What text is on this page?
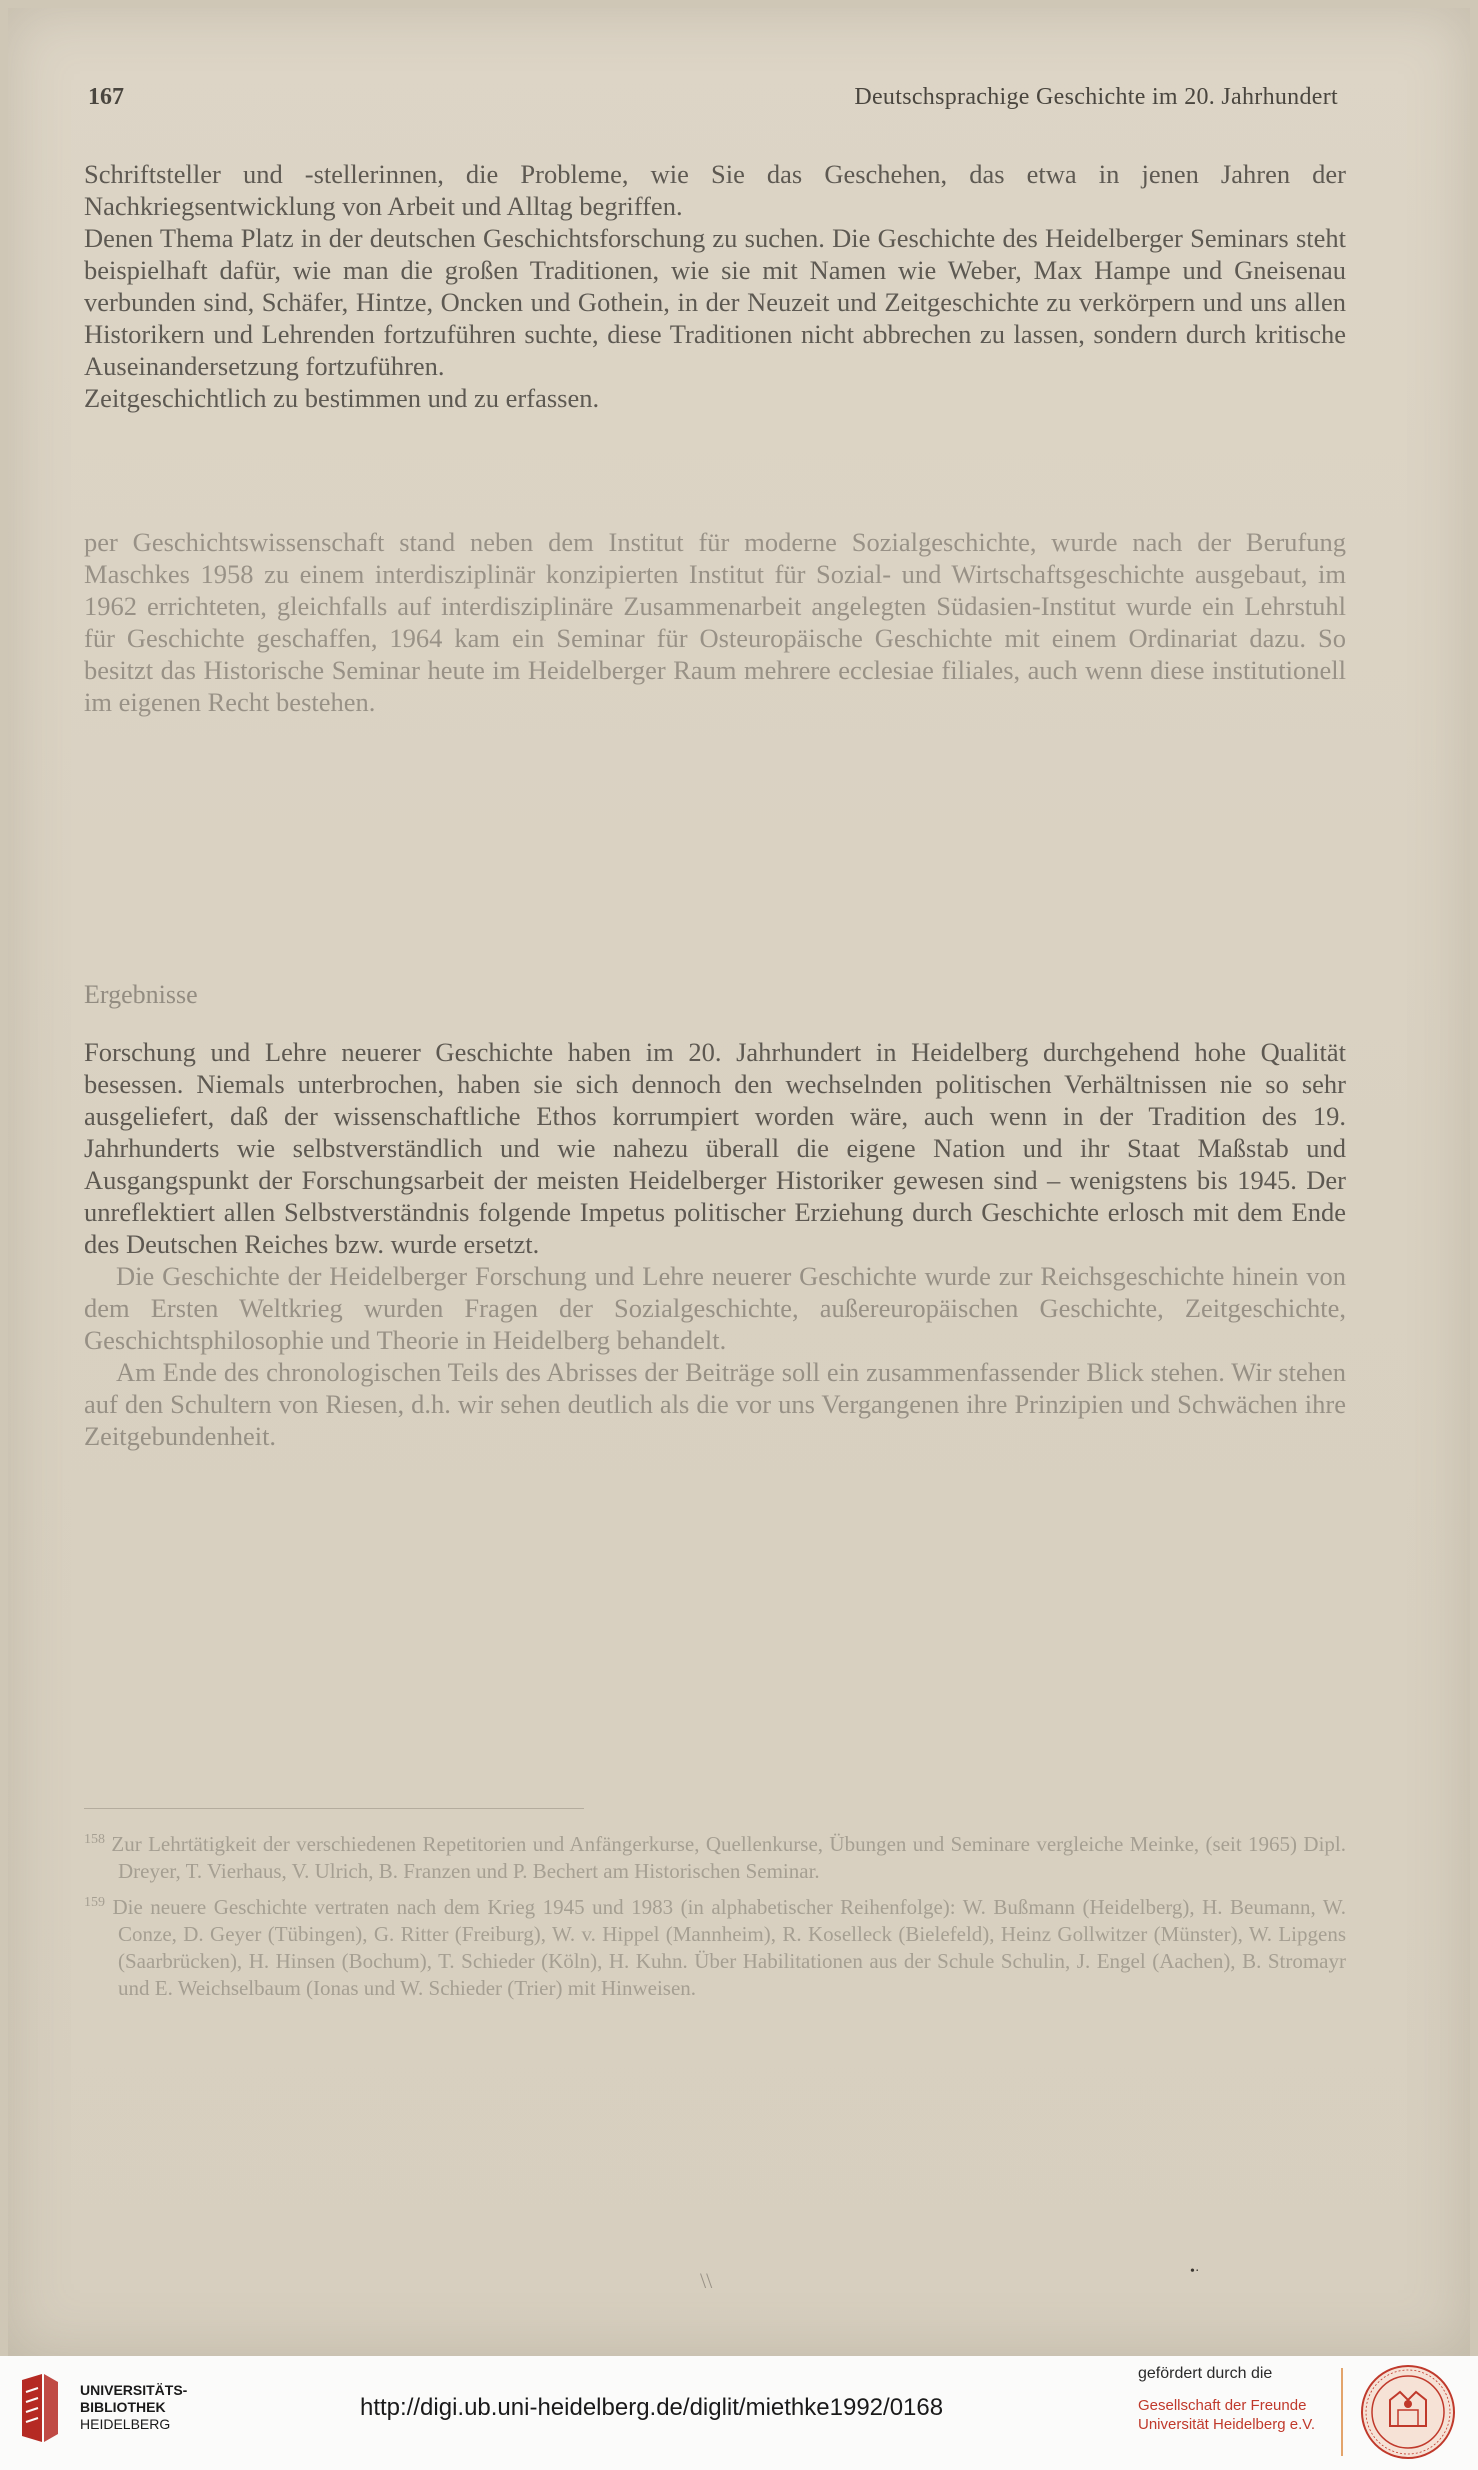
167	Deutschsprachige Geschichte im 20. Jahrhundert

Schriftsteller und -stellerinnen, die Probleme, wie Sie das Geschehen, das etwa in jenen Jahren der Nachkriegsentwicklung von Arbeit und Alltag begriffen.

Denen Thema Platz in der deutschen Geschichtsforschung zu suchen. Die Geschichte des Heidelberger Seminars steht beispielhaft dafür, wie man die großen Traditionen, wie sie mit Namen wie Weber, Max Hampe und Gneisenau verbunden sind, Schäfer, Hintze, Oncken und Gothein, in der Neuzeit und Zeitgeschichte zu verkörpern und uns allen Historikern und Lehrenden fortzuführen suchte, diese Traditionen nicht abbrechen zu lassen, sondern durch kritische Auseinandersetzung fortzuführen.

Zeitgeschichtlich zu bestimmen und zu erfassen.

per Geschichtswissenschaft stand neben dem Institut für moderne Sozialgeschichte, wurde nach der Berufung Maschkes 1958 zu einem interdisziplinär konzipierten Institut für Sozial- und Wirtschaftsgeschichte ausgebaut, im 1962 errichteten, gleichfalls auf interdisziplinäre Zusammenarbeit angelegten Südasien-Institut wurde ein Lehrstuhl für Geschichte geschaffen, 1964 kam ein Seminar für Osteuropäische Geschichte mit einem Ordinariat dazu. So besitzt das Historische Seminar heute im Heidelberger Raum mehrere ecclesiae filiales, auch wenn diese institutionell im eigenen Recht bestehen.

Ergebnisse

Forschung und Lehre neuerer Geschichte haben im 20. Jahrhundert in Heidelberg durchgehend hohe Qualität besessen. Niemals unterbrochen, haben sie sich dennoch den wechselnden politischen Verhältnissen nie so sehr ausgeliefert, daß der wissenschaftliche Ethos korrumpiert worden wäre, auch wenn in der Tradition des 19. Jahrhunderts wie selbstverständlich und wie nahezu überall die eigene Nation und ihr Staat Maßstab und Ausgangspunkt der Forschungsarbeit der meisten Heidelberger Historiker gewesen sind – wenigstens bis 1945. Der unreflektiert allen Selbstverständnis folgende Impetus politischer Erziehung durch Geschichte erlosch mit dem Ende des Deutschen Reiches bzw. wurde ersetzt.

Die Geschichte der Heidelberger Forschung und Lehre neuerer Geschichte wurde zur Reichsgeschichte hinein von dem Ersten Weltkrieg wurden Fragen der Sozialgeschichte, außereuropäischen Geschichte, Zeitgeschichte, Geschichtsphilosophie und Theorie in Heidelberg behandelt.

Am Ende des chronologischen Teils des Abrisses der Beiträge soll ein zusammenfassender Blick stehen. Wir stehen auf den Schultern von Riesen, d.h. wir sehen deutlich als die vor uns Vergangenen ihre Prinzipien und Schwächen ihre Zeitgebundenheit.

$^{158}$ Zur Lehrtätigkeit der verschiedenen Repetitorien und Anfängerkurse, Quellenkurse, Übungen und Seminare vergleiche Meinke, (seit 1965) Dipl. Dreyer, T. Vierhaus, V. Ulrich, B. Franzen und P. Bechert am Historischen Seminar.

$^{159}$ Die neuere Geschichte vertraten nach dem Krieg 1945 und 1983 (in alphabetischer Reihenfolge): W. Bußmann (Heidelberg), H. Beumann, W. Conze, D. Geyer (Tübingen), G. Ritter (Freiburg), W. v. Hippel (Mannheim), R. Koselleck (Bielefeld), Heinz Gollwitzer (Münster), W. Lipgens (Saarbrücken), H. Hinsen (Bochum), T. Schieder (Köln), H. Kuhn. Über Habilitationen aus der Schule Schulin, J. Engel (Aachen), B. Stromayr und E. Weichselbaum (Ionas und W. Schieder (Trier) mit Hinweisen.

•·
\\
UNIVERSITÄTS-
BIBLIOTHEK
HEIDELBERG
http://digi.ub.uni-heidelberg.de/diglit/miethke1992/0168
gefördert durch die
Gesellschaft der Freunde
Universität Heidelberg e.V.
